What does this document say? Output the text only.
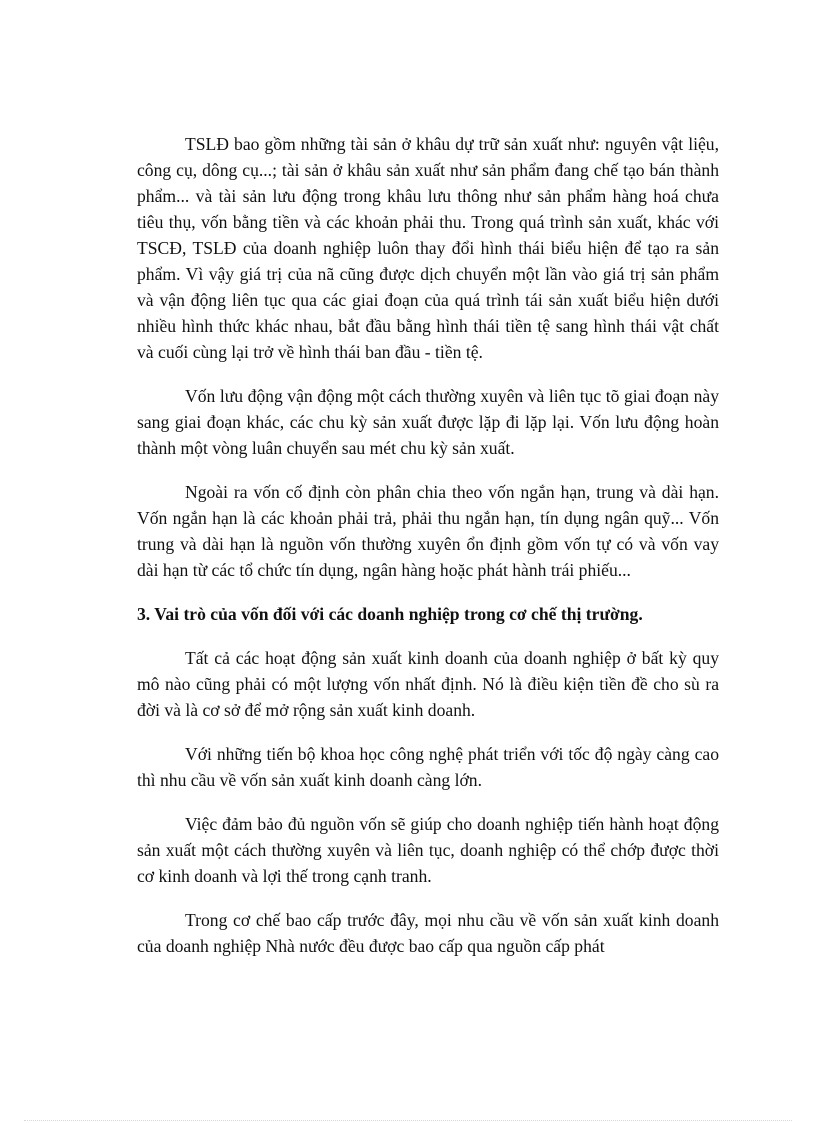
TSLĐ bao gồm những tài sản ở khâu dự trữ sản xuất như: nguyên vật liệu, công cụ, dông cụ...; tài sản ở khâu sản xuất như sản phẩm đang chế tạo bán thành phẩm... và tài sản lưu động trong khâu lưu thông như sản phẩm hàng hoá chưa tiêu thụ, vốn bằng tiền và các khoản phải thu. Trong quá trình sản xuất, khác với TSCĐ, TSLĐ của doanh nghiệp luôn thay đổi hình thái biểu hiện để tạo ra sản phẩm. Vì vậy giá trị của nã cũng được dịch chuyển một lần vào giá trị sản phẩm và vận động liên tục qua các giai đoạn của quá trình tái sản xuất biểu hiện dưới nhiều hình thức khác nhau, bắt đầu bằng hình thái tiền tệ sang hình thái vật chất và cuối cùng lại trở về hình thái ban đầu - tiền tệ.

Vốn lưu động vận động một cách thường xuyên và liên tục tõ giai đoạn này sang giai đoạn khác, các chu kỳ sản xuất được lặp đi lặp lại. Vốn lưu động hoàn thành một vòng luân chuyển sau mét chu kỳ sản xuất.

Ngoài ra vốn cố định còn phân chia theo vốn ngắn hạn, trung và dài hạn. Vốn ngắn hạn là các khoản phải trả, phải thu ngắn hạn, tín dụng ngân quỹ... Vốn trung và dài hạn là nguồn vốn thường xuyên ổn định gồm vốn tự có và vốn vay dài hạn từ các tổ chức tín dụng, ngân hàng hoặc phát hành trái phiếu...

3. Vai trò của vốn đối với các doanh nghiệp trong cơ chế thị trường.

Tất cả các hoạt động sản xuất kinh doanh của doanh nghiệp ở bất kỳ quy mô nào cũng phải có một lượng vốn nhất định. Nó là điều kiện tiền đề cho sù ra đời và là cơ sở để mở rộng sản xuất kinh doanh.

Với những tiến bộ khoa học công nghệ phát triển với tốc độ ngày càng cao thì nhu cầu về vốn sản xuất kinh doanh càng lớn.

Việc đảm bảo đủ nguồn vốn sẽ giúp cho doanh nghiệp tiến hành hoạt động sản xuất một cách thường xuyên và liên tục, doanh nghiệp có thể chớp được thời cơ kinh doanh và lợi thế trong cạnh tranh.

Trong cơ chế bao cấp trước đây, mọi nhu cầu về vốn sản xuất kinh doanh của doanh nghiệp Nhà nước đều được bao cấp qua nguồn cấp phát
